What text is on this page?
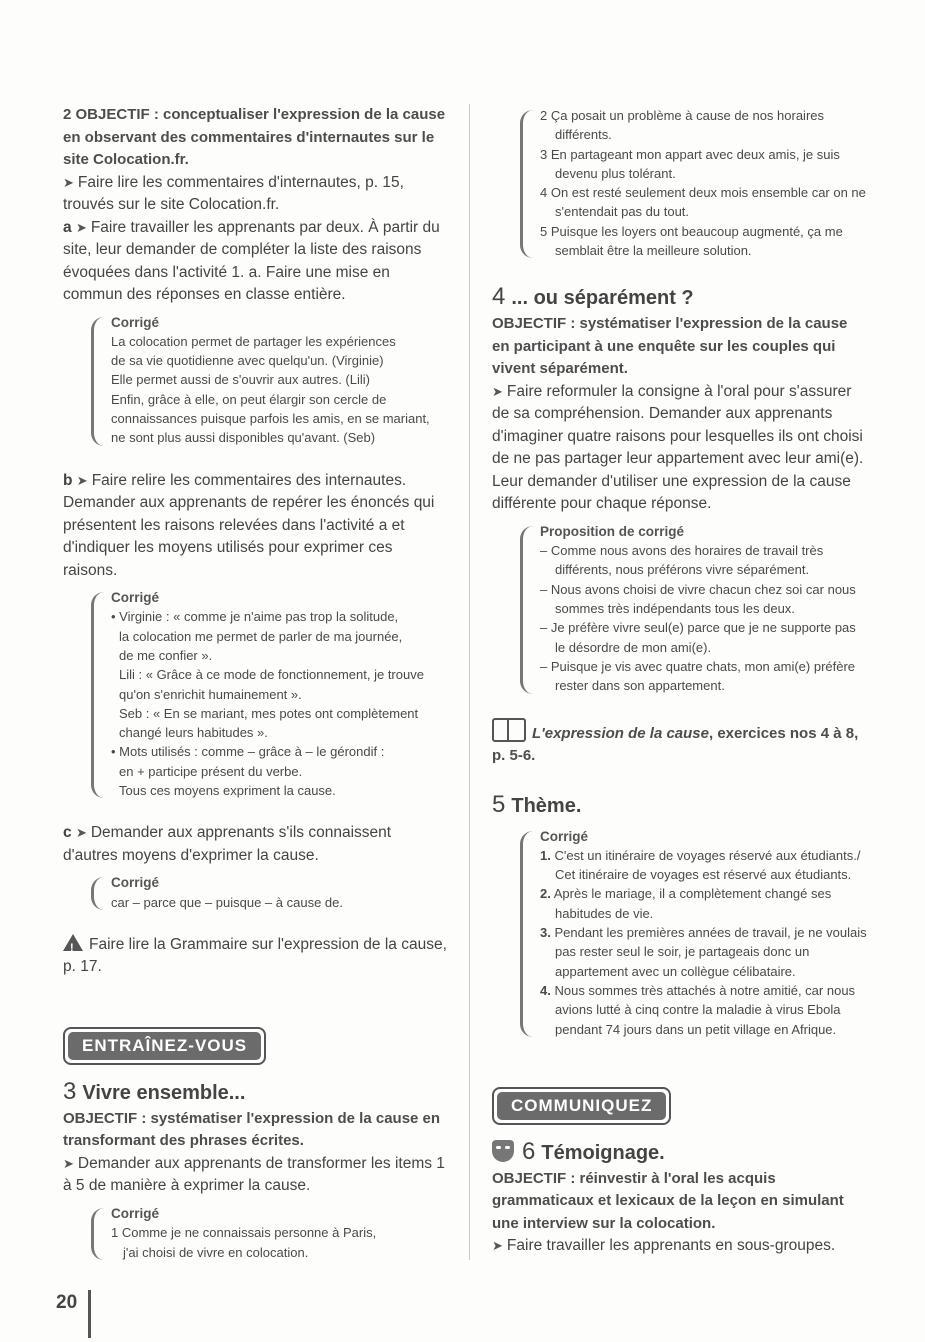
2 OBJECTIF : conceptualiser l'expression de la cause en observant des commentaires d'internautes sur le site Colocation.fr.

➤ Faire lire les commentaires d'internautes, p. 15, trouvés sur le site Colocation.fr.

a ➤ Faire travailler les apprenants par deux. À partir du site, leur demander de compléter la liste des raisons évoquées dans l'activité 1. a. Faire une mise en commun des réponses en classe entière.

Corrigé
La colocation permet de partager les expériences
de sa vie quotidienne avec quelqu'un. (Virginie)
Elle permet aussi de s'ouvrir aux autres. (Lili)
Enfin, grâce à elle, on peut élargir son cercle de
connaissances puisque parfois les amis, en se mariant,
ne sont plus aussi disponibles qu'avant. (Seb)

b ➤ Faire relire les commentaires des internautes. Demander aux apprenants de repérer les énoncés qui présentent les raisons relevées dans l'activité a et d'indiquer les moyens utilisés pour exprimer ces raisons.

Corrigé
• Virginie : « comme je n'aime pas trop la solitude,
la colocation me permet de parler de ma journée,
de me confier ».
Lili : « Grâce à ce mode de fonctionnement, je trouve
qu'on s'enrichit humainement ».
Seb : « En se mariant, mes potes ont complètement
changé leurs habitudes ».
• Mots utilisés : comme – grâce à – le gérondif :
en + participe présent du verbe.
Tous ces moyens expriment la cause.

c ➤ Demander aux apprenants s'ils connaissent d'autres moyens d'exprimer la cause.

Corrigé
car – parce que – puisque – à cause de.

!Faire lire la Grammaire sur l'expression de la cause, p. 17.

ENTRAÎNEZ-VOUS
3 Vivre ensemble...

OBJECTIF : systématiser l'expression de la cause en transformant des phrases écrites.

➤ Demander aux apprenants de transformer les items 1 à 5 de manière à exprimer la cause.

Corrigé
1 Comme je ne connaissais personne à Paris,
j'ai choisi de vivre en colocation.
2 Ça posait un problème à cause de nos horaires différents.
3 En partageant mon appart avec deux amis, je suis devenu plus tolérant.
4 On est resté seulement deux mois ensemble car on ne s'entendait pas du tout.
5 Puisque les loyers ont beaucoup augmenté, ça me semblait être la meilleure solution.
4 ... ou séparément ?

OBJECTIF : systématiser l'expression de la cause en participant à une enquête sur les couples qui vivent séparément.

➤ Faire reformuler la consigne à l'oral pour s'assurer de sa compréhension. Demander aux apprenants d'imaginer quatre raisons pour lesquelles ils ont choisi de ne pas partager leur appartement avec leur ami(e). Leur demander d'utiliser une expression de la cause différente pour chaque réponse.

Proposition de corrigé
– Comme nous avons des horaires de travail très différents, nous préférons vivre séparément.
– Nous avons choisi de vivre chacun chez soi car nous sommes très indépendants tous les deux.
– Je préfère vivre seul(e) parce que je ne supporte pas le désordre de mon ami(e).
– Puisque je vis avec quatre chats, mon ami(e) préfère rester dans son appartement.

L'expression de la cause, exercices nos 4 à 8, p. 5-6.

5 Thème.
Corrigé
1. C'est un itinéraire de voyages réservé aux étudiants./ Cet itinéraire de voyages est réservé aux étudiants.
2. Après le mariage, il a complètement changé ses habitudes de vie.
3. Pendant les premières années de travail, je ne voulais pas rester seul le soir, je partageais donc un appartement avec un collègue célibataire.
4. Nous sommes très attachés à notre amitié, car nous avions lutté à cinq contre la maladie à virus Ebola pendant 74 jours dans un petit village en Afrique.
COMMUNIQUEZ
6 Témoignage.

OBJECTIF : réinvestir à l'oral les acquis grammaticaux et lexicaux de la leçon en simulant une interview sur la colocation.

➤ Faire travailler les apprenants en sous-groupes.

20
